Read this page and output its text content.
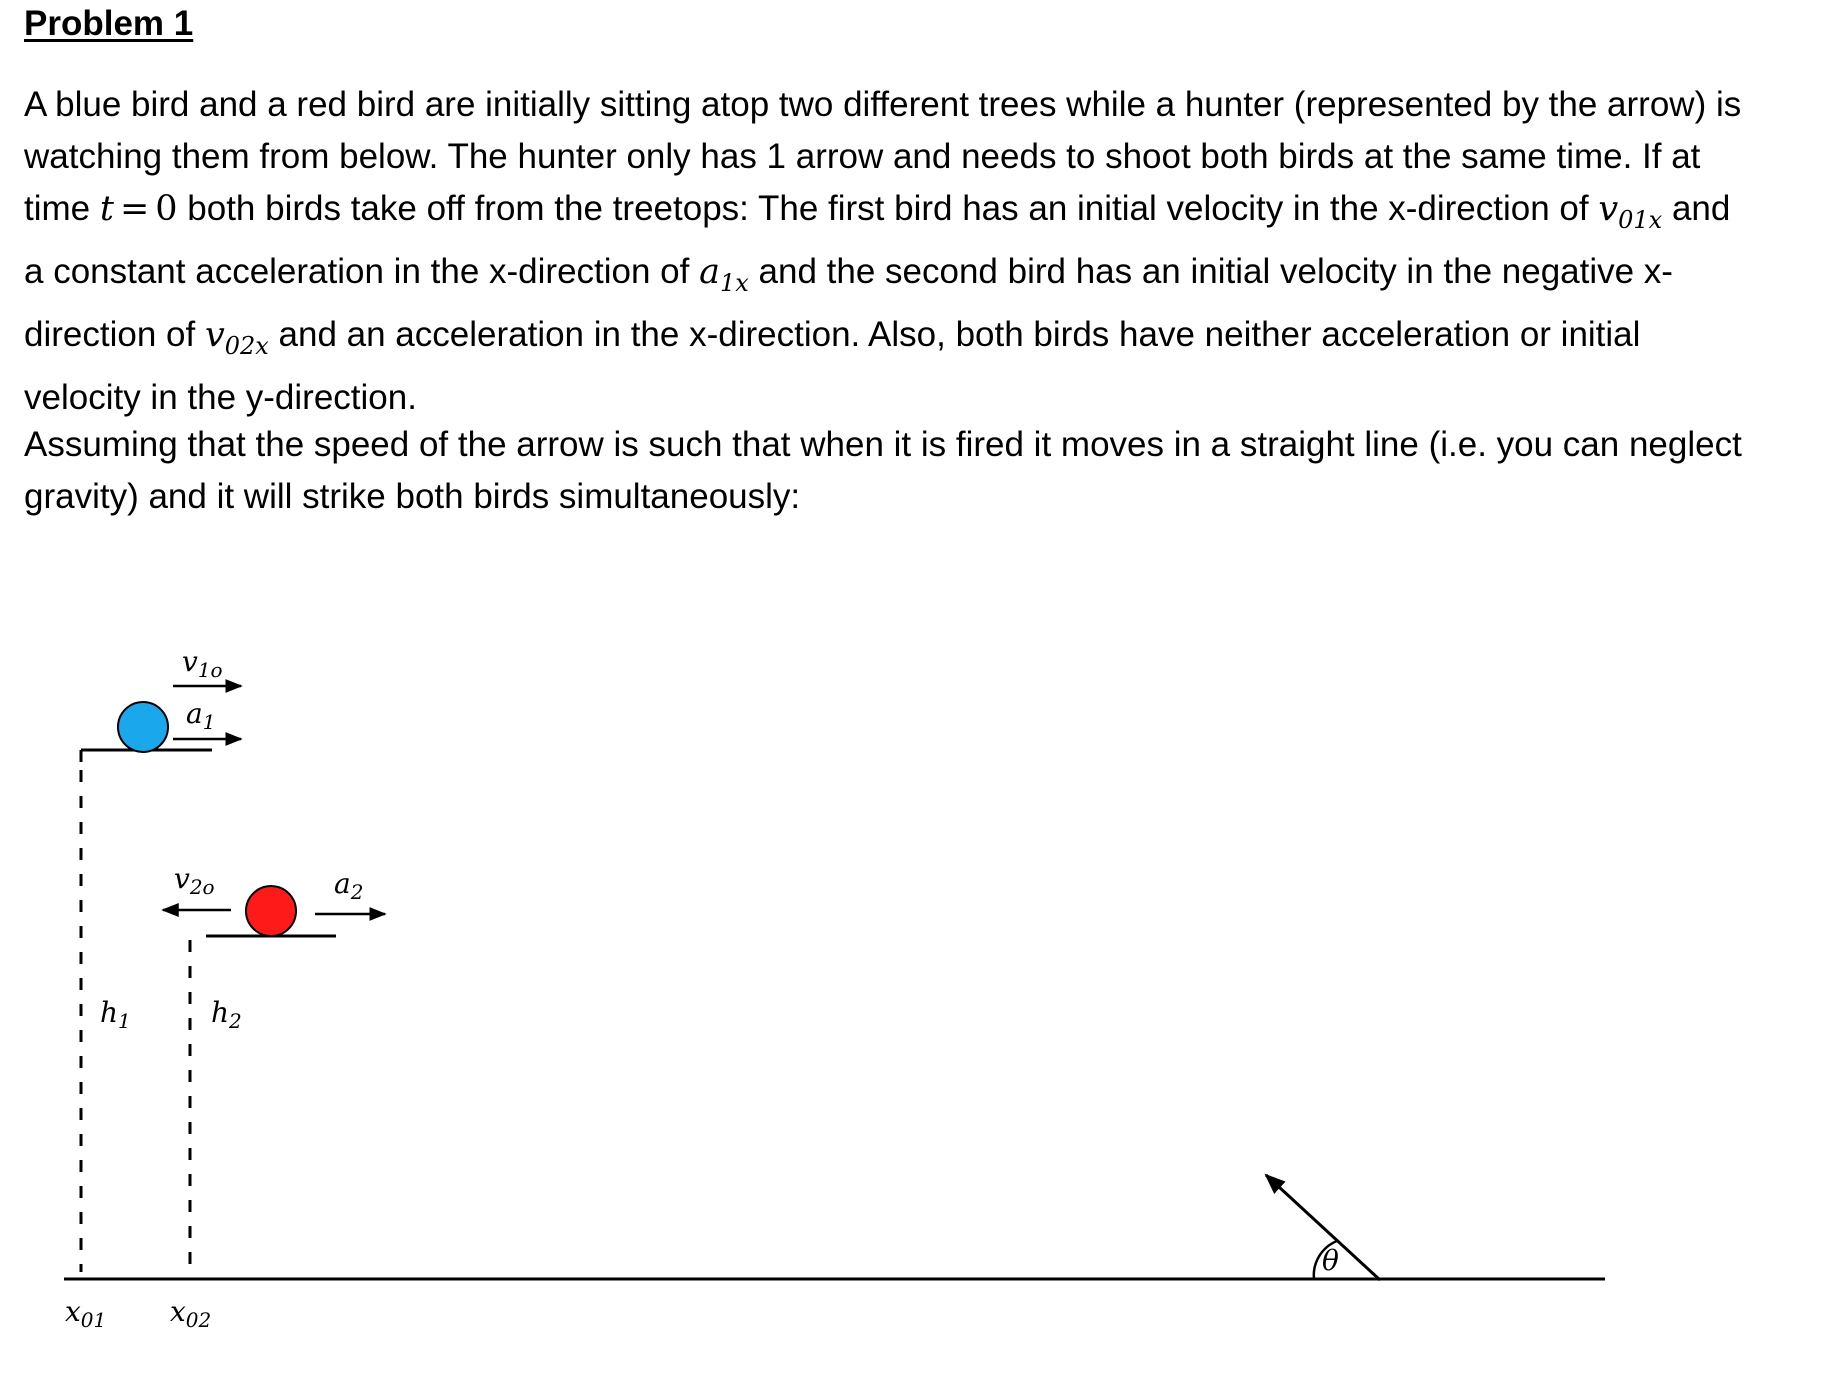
Problem 1

A blue bird and a red bird are initially sitting atop two different trees while a hunter (represented by the arrow) is watching them from below. The hunter only has 1 arrow and needs to shoot both birds at the same time. If at time t = 0 both birds take off from the treetops: The first bird has an initial velocity in the x-direction of $v_{01x}$ and a constant acceleration in the x-direction of $a_{1x}$ and the second bird has an initial velocity in the negative x-direction of $v_{02x}$ and an acceleration in the x-direction. Also, both birds have neither acceleration or initial velocity in the y-direction.

Assuming that the speed of the arrow is such that when it is fired it moves in a straight line (i.e. you can neglect gravity) and it will strike both birds simultaneously:

$v_{1o}$
$a_1$
$v_{2o}$	$a_2$
$h_1$	$h_2$
$x_{01}$ $x_{02}$
θ
